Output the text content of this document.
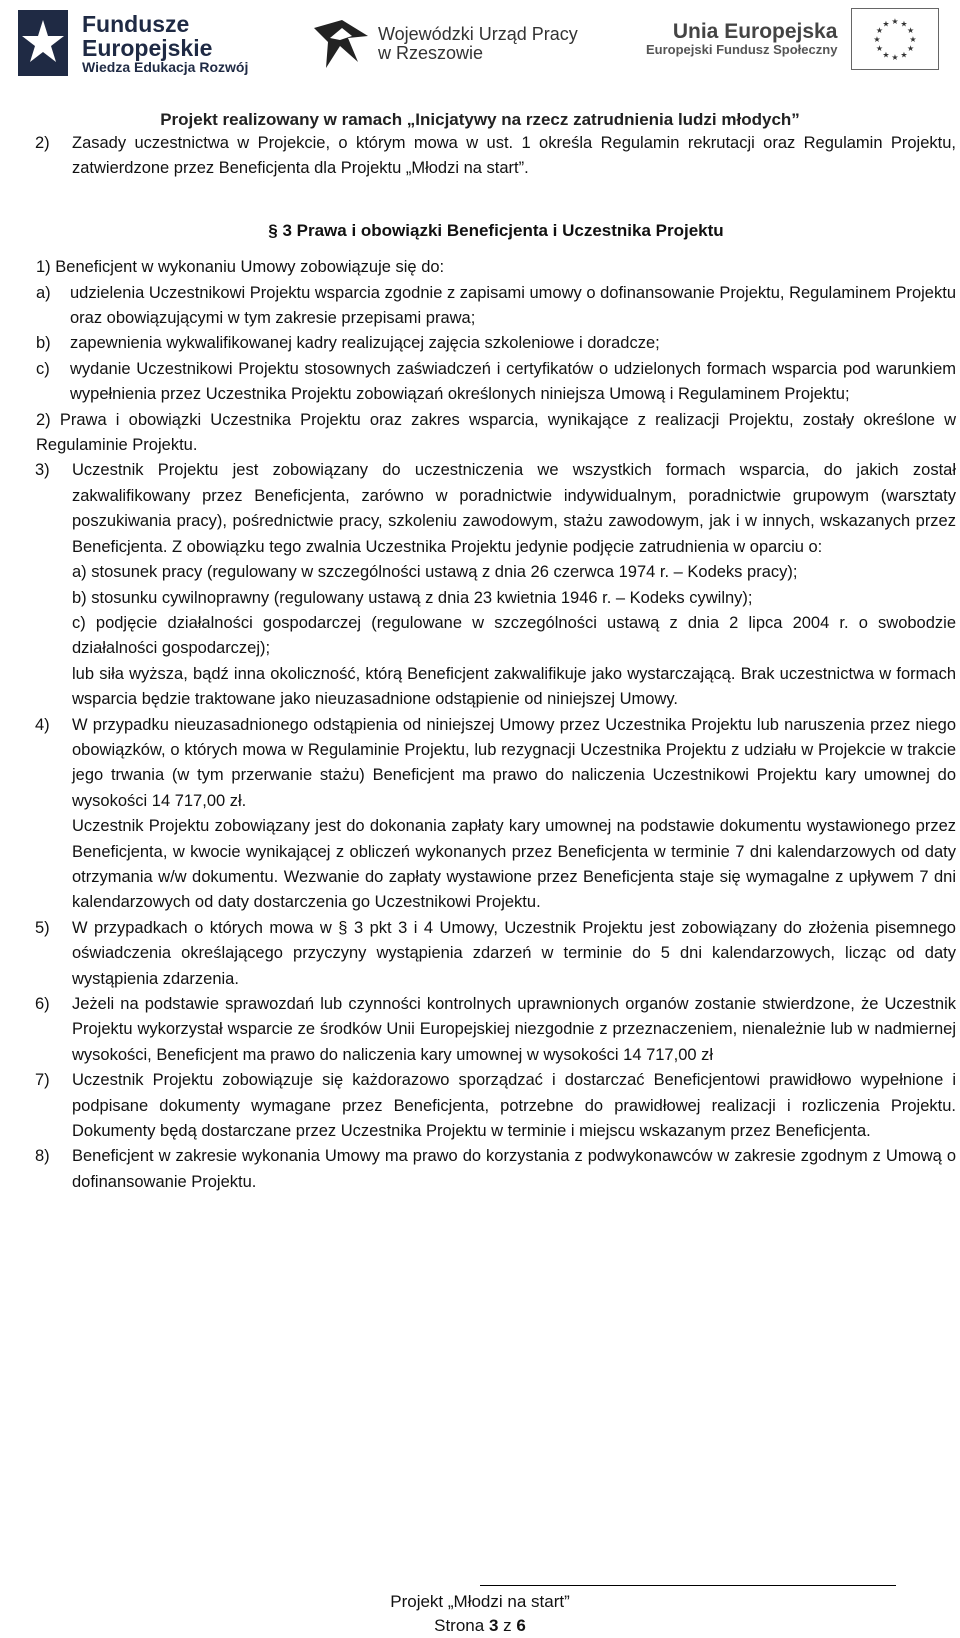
Fundusze
Europejskie
Wiedza Edukacja Rozwój
Wojewódzki Urząd Pracy
w Rzeszowie
Unia Europejska
Europejski Fundusz Społeczny
★
★
★
★
★
★
★
★
★ ★ ★
★
Projekt realizowany w ramach „Inicjatywy na rzecz zatrudnienia ludzi młodych”

2) Zasady uczestnictwa w Projekcie, o którym mowa w ust. 1 określa Regulamin rekrutacji oraz Regulamin Projektu, zatwierdzone przez Beneficjenta dla Projektu „Młodzi na start”.

§ 3 Prawa i obowiązki Beneficjenta i Uczestnika Projektu

1) Beneficjent w wykonaniu Umowy zobowiązuje się do:

a) udzielenia Uczestnikowi Projektu wsparcia zgodnie z zapisami umowy o dofinansowanie Projektu, Regulaminem Projektu oraz obowiązującymi w tym zakresie przepisami prawa;

b) zapewnienia wykwalifikowanej kadry realizującej zajęcia szkoleniowe i doradcze;

c) wydanie Uczestnikowi Projektu stosownych zaświadczeń i certyfikatów o udzielonych formach wsparcia pod warunkiem wypełnienia przez Uczestnika Projektu zobowiązań określonych niniejsza Umową i Regulaminem Projektu;

2) Prawa i obowiązki Uczestnika Projektu oraz zakres wsparcia, wynikające z realizacji Projektu, zostały określone w Regulaminie Projektu.

3) Uczestnik Projektu jest zobowiązany do uczestniczenia we wszystkich formach wsparcia, do jakich został zakwalifikowany przez Beneficjenta, zarówno w poradnictwie indywidualnym, poradnictwie grupowym (warsztaty poszukiwania pracy), pośrednictwie pracy, szkoleniu zawodowym, stażu zawodowym, jak i w innych, wskazanych przez Beneficjenta. Z obowiązku tego zwalnia Uczestnika Projektu jedynie podjęcie zatrudnienia w oparciu o:

a) stosunek pracy (regulowany w szczególności ustawą z dnia 26 czerwca 1974 r. – Kodeks pracy);

b) stosunku cywilnoprawny (regulowany ustawą z dnia 23 kwietnia 1946 r. – Kodeks cywilny);

c) podjęcie działalności gospodarczej (regulowane w szczególności ustawą z dnia 2 lipca 2004 r. o swobodzie działalności gospodarczej);

lub siła wyższa, bądź inna okoliczność, którą Beneficjent zakwalifikuje jako wystarczającą. Brak uczestnictwa w formach wsparcia będzie traktowane jako nieuzasadnione odstąpienie od niniejszej Umowy.

4) W przypadku nieuzasadnionego odstąpienia od niniejszej Umowy przez Uczestnika Projektu lub naruszenia przez niego obowiązków, o których mowa w Regulaminie Projektu, lub rezygnacji Uczestnika Projektu z udziału w Projekcie w trakcie jego trwania (w tym przerwanie stażu) Beneficjent ma prawo do naliczenia Uczestnikowi Projektu kary umownej do wysokości 14 717,00 zł.

Uczestnik Projektu zobowiązany jest do dokonania zapłaty kary umownej na podstawie dokumentu wystawionego przez Beneficjenta, w kwocie wynikającej z obliczeń wykonanych przez Beneficjenta w terminie 7 dni kalendarzowych od daty otrzymania w/w dokumentu. Wezwanie do zapłaty wystawione przez Beneficjenta staje się wymagalne z upływem 7 dni kalendarzowych od daty dostarczenia go Uczestnikowi Projektu.

5) W przypadkach o których mowa w § 3 pkt 3 i 4 Umowy, Uczestnik Projektu jest zobowiązany do złożenia pisemnego oświadczenia określającego przyczyny wystąpienia zdarzeń w terminie do 5 dni kalendarzowych, licząc od daty wystąpienia zdarzenia.

6) Jeżeli na podstawie sprawozdań lub czynności kontrolnych uprawnionych organów zostanie stwierdzone, że Uczestnik Projektu wykorzystał wsparcie ze środków Unii Europejskiej niezgodnie z przeznaczeniem, nienależnie lub w nadmiernej wysokości, Beneficjent ma prawo do naliczenia kary umownej w wysokości 14 717,00 zł

7) Uczestnik Projektu zobowiązuje się każdorazowo sporządzać i dostarczać Beneficjentowi prawidłowo wypełnione i podpisane dokumenty wymagane przez Beneficjenta, potrzebne do prawidłowej realizacji i rozliczenia Projektu. Dokumenty będą dostarczane przez Uczestnika Projektu w terminie i miejscu wskazanym przez Beneficjenta.

8) Beneficjent w zakresie wykonania Umowy ma prawo do korzystania z podwykonawców w zakresie zgodnym z Umową o dofinansowanie Projektu.

Projekt „Młodzi na start”
Strona 3 z 6
